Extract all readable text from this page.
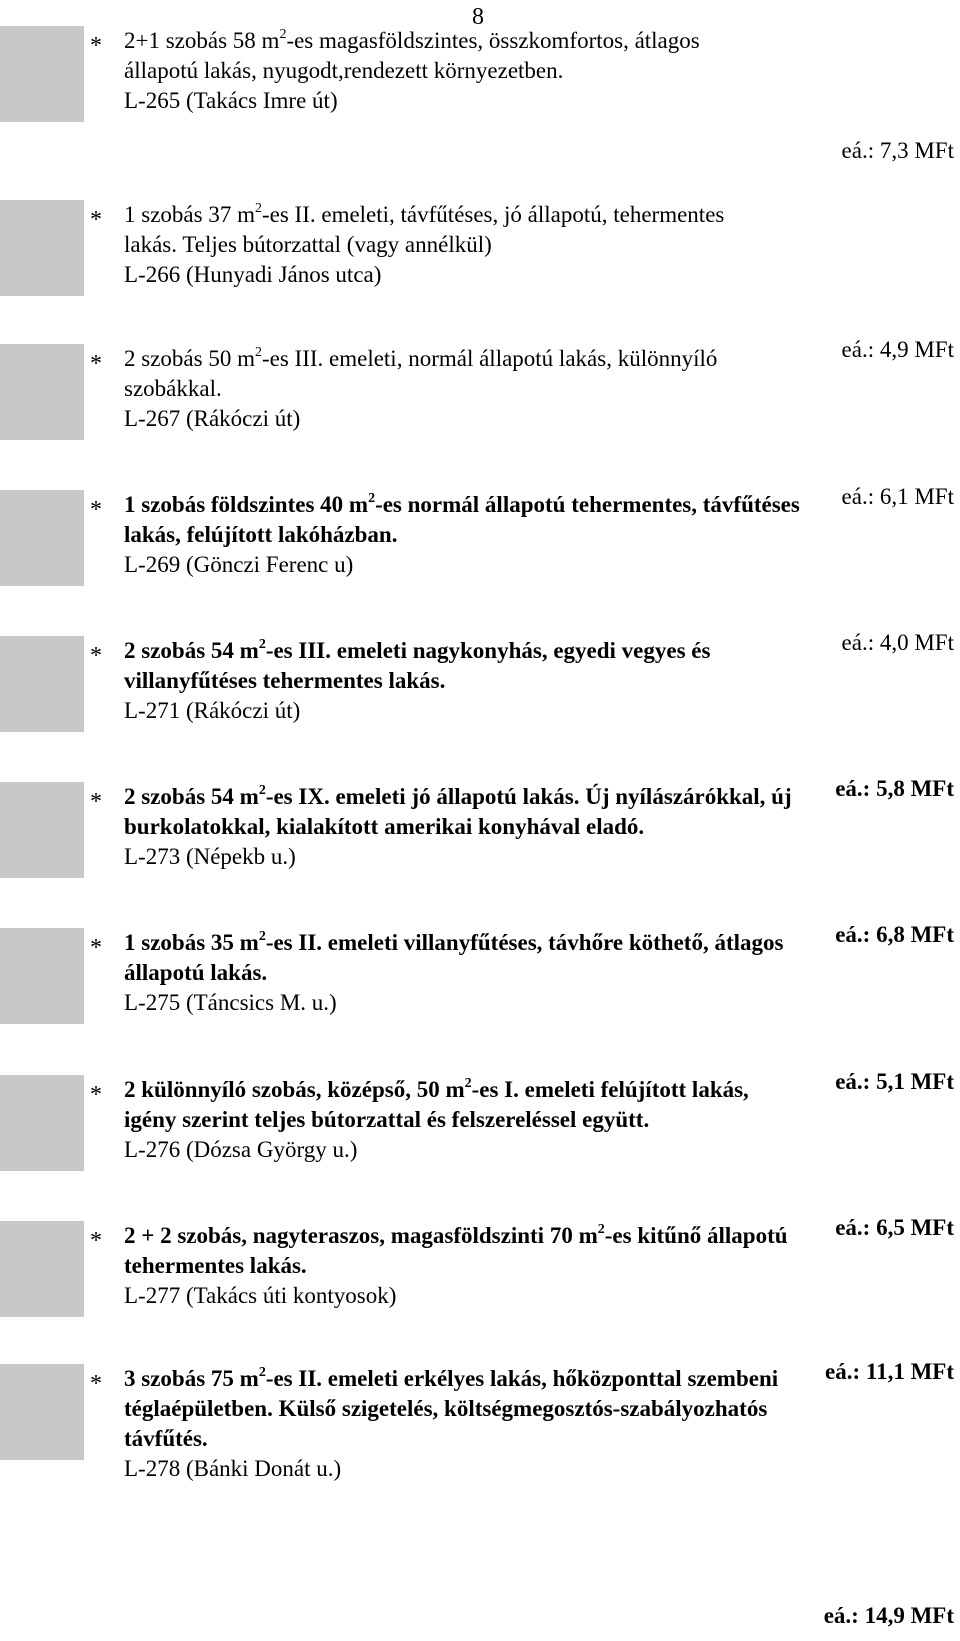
8
* 2+1 szobás 58 $m^2-es$ magasföldszintes, összkomfortos, átlagos
állapotú lakás, nyugodt,rendezett környezetben.
L-265 (Takács Imre út)
eá.: 7,3 MFt
* 1 szobás 37 $m^2-es$ II. emeleti, távfűtéses, jó állapotú, tehermentes
lakás. Teljes bútorzattal (vagy annélkül)
L-266 (Hunyadi János utca)
eá.: 4,9 MFt
* 2 szobás 50 $m^2-es$ III. emeleti, normál állapotú lakás, különnyíló
szobákkal.
L-267 (Rákóczi út)
eá.: 6,1 MFt
* 1 szobás földszintes 40 $m^2-es$ normál állapotú tehermentes, távfűtéses
lakás, felújított lakóházban.
L-269 (Gönczi Ferenc u)
eá.: 4,0 MFt
* 2 szobás 54 $m^2-es$ III. emeleti nagykonyhás, egyedi vegyes és
villanyfűtéses tehermentes lakás.
L-271 (Rákóczi út)
eá.: 5,8 MFt
* 2 szobás 54 $m^2-es$ IX. emeleti jó állapotú lakás. Új nyílászárókkal, új
burkolatokkal, kialakított amerikai konyhával eladó.
L-273 (Népekb u.)
eá.: 6,8 MFt
* 1 szobás 35 $m^2-es$ II. emeleti villanyfűtéses, távhőre köthető, átlagos
állapotú lakás.
L-275 (Táncsics M. u.)
eá.: 5,1 MFt
* 2 különnyíló szobás, középső, 50 $m^2-es$ I. emeleti felújított lakás,
igény szerint teljes bútorzattal és felszereléssel együtt.
L-276 (Dózsa György u.)
eá.: 6,5 MFt
* 2 + 2 szobás, nagyteraszos, magasföldszinti 70 $m^2-es$ kitűnő állapotú
tehermentes lakás.
L-277 (Takács úti kontyosok)
eá.: 11,1 MFt
* 3 szobás 75 $m^2-es$ II. emeleti erkélyes lakás, hőközponttal szembeni
téglaépületben. Külső szigetelés, költségmegosztós-szabályozhatós
távfűtés.
L-278 (Bánki Donát u.)
eá.: 14,9 MFt
